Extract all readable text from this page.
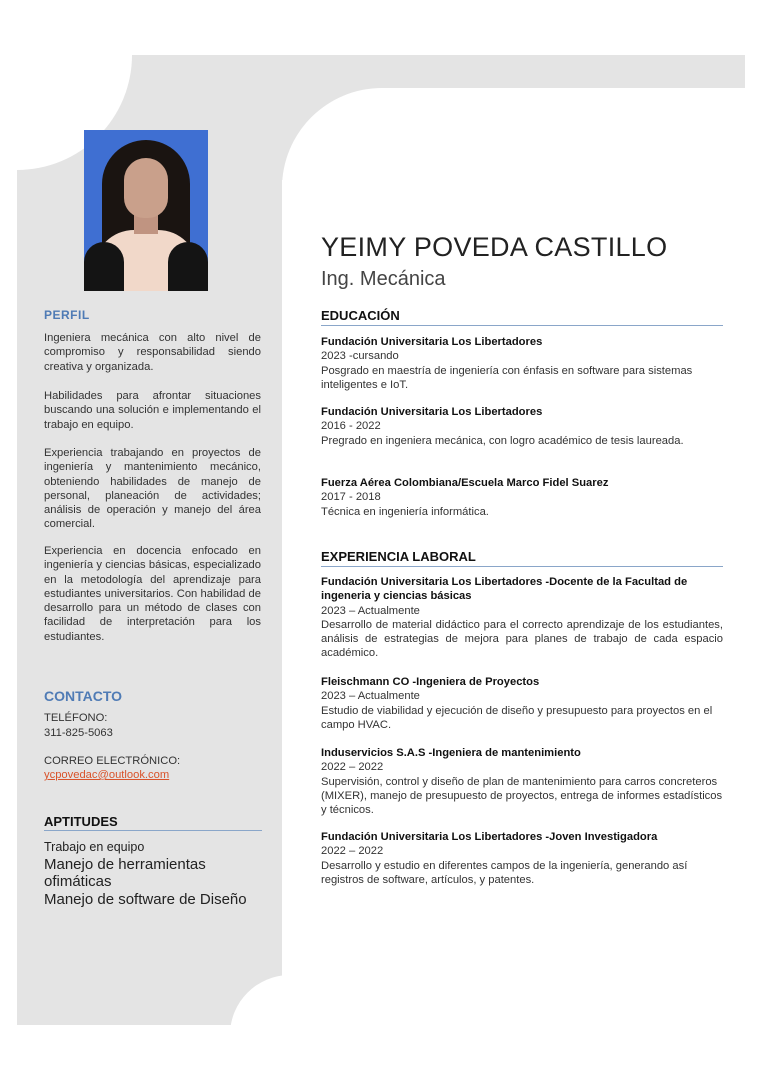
PERFIL
Ingeniera mecánica con alto nivel de compromiso y responsabilidad siendo creativa y organizada.
Habilidades para afrontar situaciones buscando una solución e implementando el trabajo en equipo.
Experiencia trabajando en proyectos de ingeniería y mantenimiento mecánico, obteniendo habilidades de manejo de personal, planeación de actividades; análisis de operación y manejo del área comercial.
Experiencia en docencia enfocado en ingeniería y ciencias básicas, especializado en la metodología del aprendizaje para estudiantes universitarios. Con habilidad de desarrollo para un método de clases con facilidad de interpretación para los estudiantes.
CONTACTO
TELÉFONO:
311-825-5063
CORREO ELECTRÓNICO:
ycpovedac@outlook.com
APTITUDES
Trabajo en equipo
Manejo de herramientas ofimáticas
Manejo de software de Diseño
YEIMY POVEDA CASTILLO
Ing. Mecánica
EDUCACIÓN
Fundación Universitaria Los Libertadores
2023 -cursando
Posgrado en maestría de ingeniería con énfasis en software para sistemas inteligentes e IoT.
Fundación Universitaria Los Libertadores
2016 - 2022
Pregrado en ingeniera mecánica, con logro académico de tesis laureada.
Fuerza Aérea Colombiana/Escuela Marco Fidel Suarez
2017 - 2018
Técnica en ingeniería informática.
EXPERIENCIA LABORAL
Fundación Universitaria Los Libertadores -Docente de la Facultad de ingeneria y ciencias básicas
2023 – Actualmente
Desarrollo de material didáctico para el correcto aprendizaje de los estudiantes, análisis de estrategias de mejora para planes de trabajo de cada espacio académico.
Fleischmann CO -Ingeniera de Proyectos
2023 – Actualmente
Estudio de viabilidad y ejecución de diseño y presupuesto para proyectos en el campo HVAC.
Induservicios S.A.S -Ingeniera de mantenimiento
2022 – 2022
Supervisión, control y diseño de plan de mantenimiento para carros concreteros (MIXER), manejo de presupuesto de proyectos, entrega de informes estadísticos y técnicos.
Fundación Universitaria Los Libertadores -Joven Investigadora
2022 – 2022
Desarrollo y estudio en diferentes campos de la ingeniería, generando así registros de software, artículos, y patentes.
